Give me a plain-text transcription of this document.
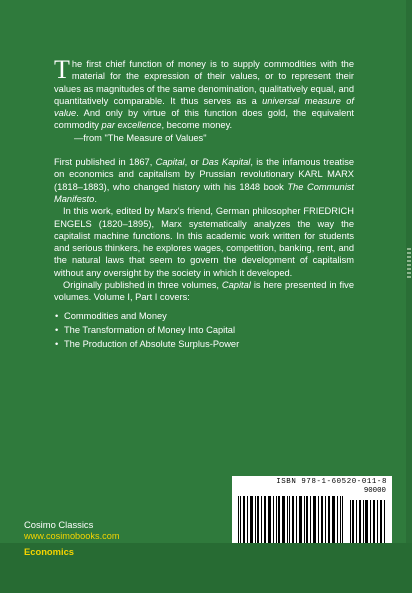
The first chief function of money is to supply commodities with the material for the expression of their values, or to represent their values as magnitudes of the same denomination, qualitatively equal, and quantitatively comparable. It thus serves as a universal measure of value. And only by virtue of this function does gold, the equivalent commodity par excellence, become money.

—from "The Measure of Values"

First published in 1867, Capital, or Das Kapital, is the infamous treatise on economics and capitalism by Prussian revolutionary KARL MARX (1818–1883), who changed history with his 1848 book The Communist Manifesto.

In this work, edited by Marx's friend, German philosopher FRIEDRICH ENGELS (1820–1895), Marx systematically analyzes the way the capitalist machine functions. In this academic work written for students and serious thinkers, he explores wages, competition, banking, rent, and the natural laws that seem to govern the development of capitalism without any oversight by the society in which it developed.

Originally published in three volumes, Capital is here presented in five volumes. Volume I, Part I covers:

• Commodities and Money
• The Transformation of Money Into Capital
• The Production of Absolute Surplus-Power
ISBN 978-1-60520-011-8
90000
Cosimo Classics
www.cosimobooks.com
Economics
